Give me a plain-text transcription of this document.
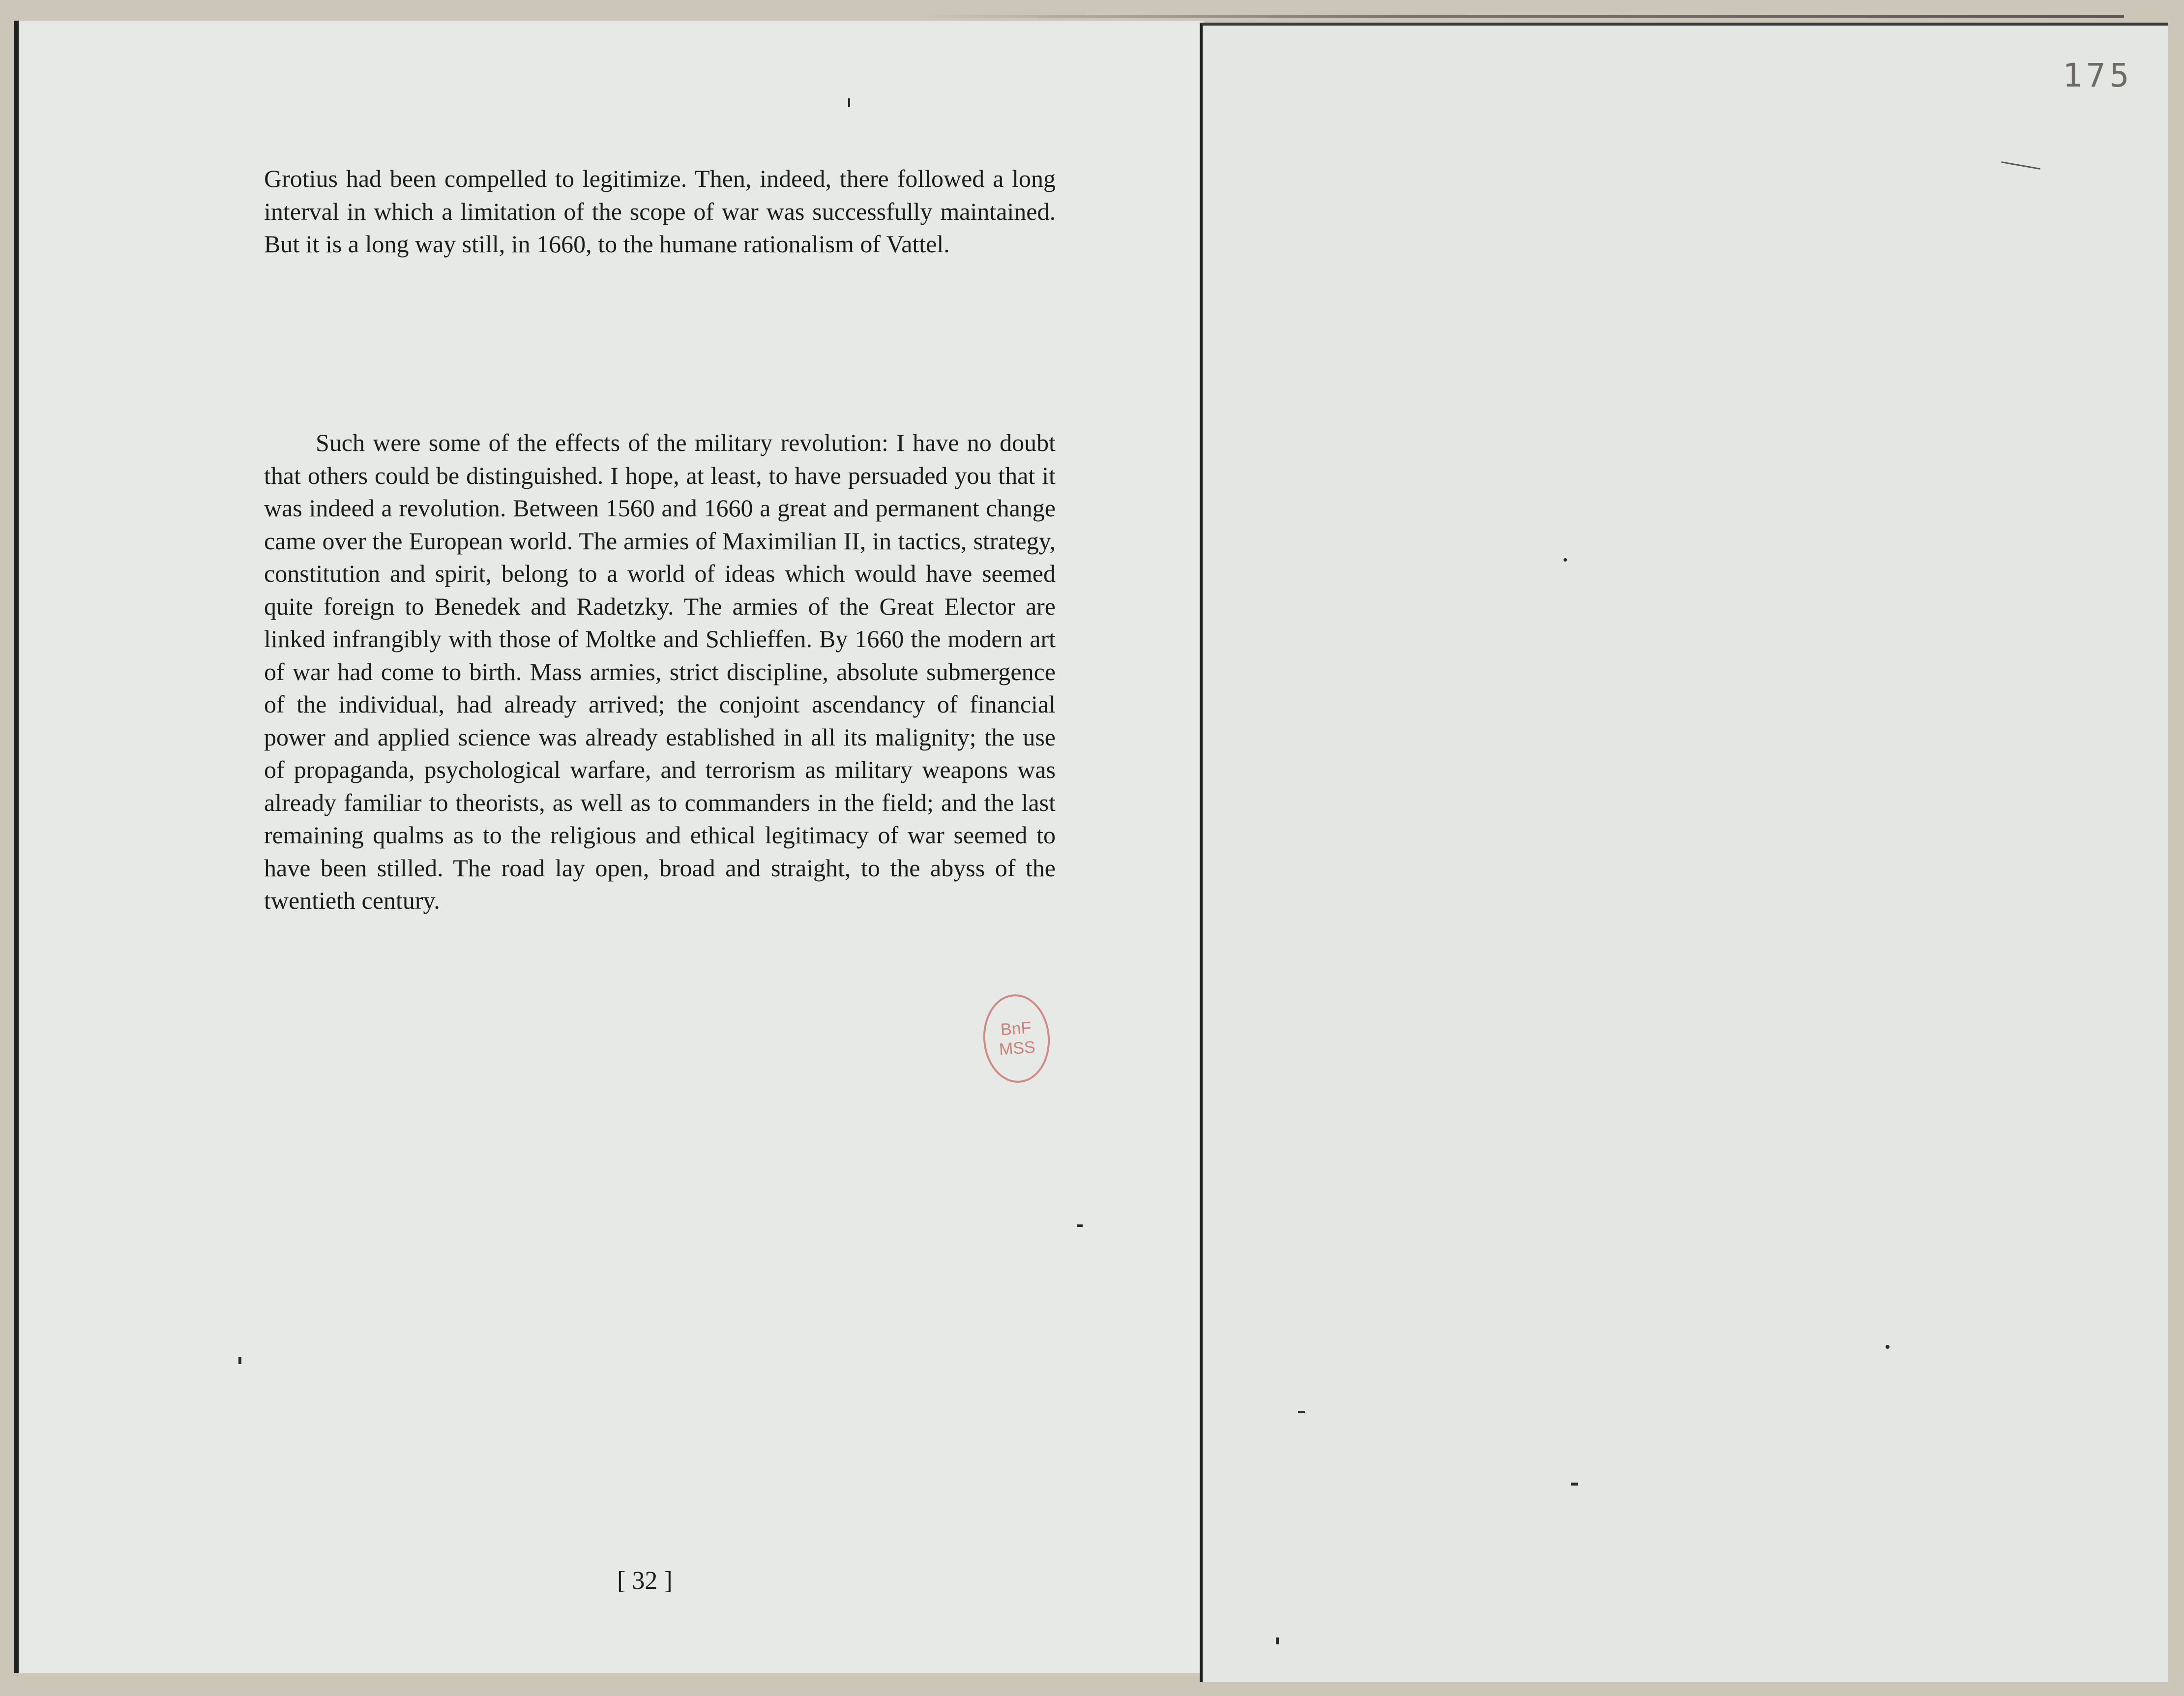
175
Grotius had been compelled to legitimize. Then, indeed, there followed a long interval in which a limitation of the scope of war was successfully maintained. But it is a long way still, in 1660, to the humane rationalism of Vattel.
Such were some of the effects of the military revolution: I have no doubt that others could be distinguished. I hope, at least, to have persuaded you that it was indeed a revolution. Between 1560 and 1660 a great and permanent change came over the European world. The armies of Maximilian II, in tactics, strategy, constitution and spirit, belong to a world of ideas which would have seemed quite foreign to Benedek and Radetzky. The armies of the Great Elector are linked infrangibly with those of Moltke and Schlieffen. By 1660 the modern art of war had come to birth. Mass armies, strict discipline, absolute submergence of the individual, had already arrived; the conjoint ascendancy of financial power and applied science was already established in all its malignity; the use of propaganda, psychological warfare, and terrorism as military weapons was already familiar to theorists, as well as to commanders in the field; and the last remaining qualms as to the religious and ethical legitimacy of war seemed to have been stilled. The road lay open, broad and straight, to the abyss of the twentieth century.
BnF
MSS
[ 32 ]
